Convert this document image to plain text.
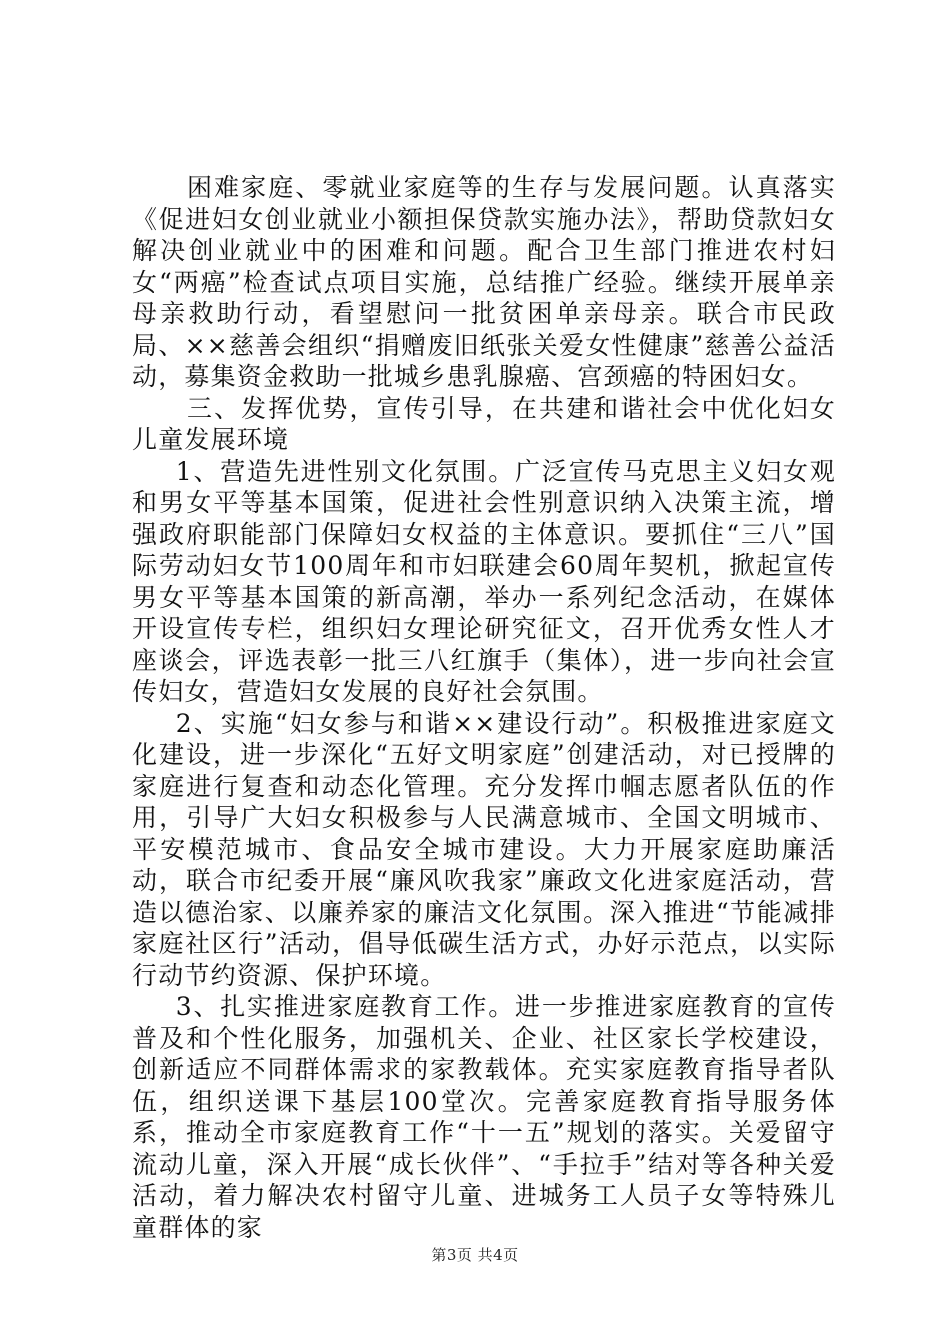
困难家庭、零就业家庭等的生存与发展问题。认真落实《促进妇女创业就业小额担保贷款实施办法》，帮助贷款妇女解决创业就业中的困难和问题。配合卫生部门推进农村妇女“两癌”检查试点项目实施，总结推广经验。继续开展单亲母亲救助行动，看望慰问一批贫困单亲母亲。联合市民政局、××慈善会组织“捐赠废旧纸张关爱女性健康”慈善公益活动，募集资金救助一批城乡患乳腺癌、宫颈癌的特困妇女。

三、发挥优势，宣传引导，在共建和谐社会中优化妇女儿童发展环境

1、营造先进性别文化氛围。广泛宣传马克思主义妇女观和男女平等基本国策，促进社会性别意识纳入决策主流，增强政府职能部门保障妇女权益的主体意识。要抓住“三八”国际劳动妇女节100周年和市妇联建会60周年契机，掀起宣传男女平等基本国策的新高潮，举办一系列纪念活动，在媒体开设宣传专栏，组织妇女理论研究征文，召开优秀女性人才座谈会，评选表彰一批三八红旗手（集体），进一步向社会宣传妇女，营造妇女发展的良好社会氛围。

2、实施“妇女参与和谐××建设行动”。积极推进家庭文化建设，进一步深化“五好文明家庭”创建活动，对已授牌的家庭进行复查和动态化管理。充分发挥巾帼志愿者队伍的作用，引导广大妇女积极参与人民满意城市、全国文明城市、平安模范城市、食品安全城市建设。大力开展家庭助廉活动，联合市纪委开展“廉风吹我家”廉政文化进家庭活动，营造以德治家、以廉养家的廉洁文化氛围。深入推进“节能减排家庭社区行”活动，倡导低碳生活方式，办好示范点，以实际行动节约资源、保护环境。

3、扎实推进家庭教育工作。进一步推进家庭教育的宣传普及和个性化服务，加强机关、企业、社区家长学校建设，创新适应不同群体需求的家教载体。充实家庭教育指导者队伍，组织送课下基层100堂次。完善家庭教育指导服务体系，推动全市家庭教育工作“十一五”规划的落实。关爱留守流动儿童，深入开展“成长伙伴”、“手拉手”结对等各种关爱活动，着力解决农村留守儿童、进城务工人员子女等特殊儿童群体的家

第3页 共4页
